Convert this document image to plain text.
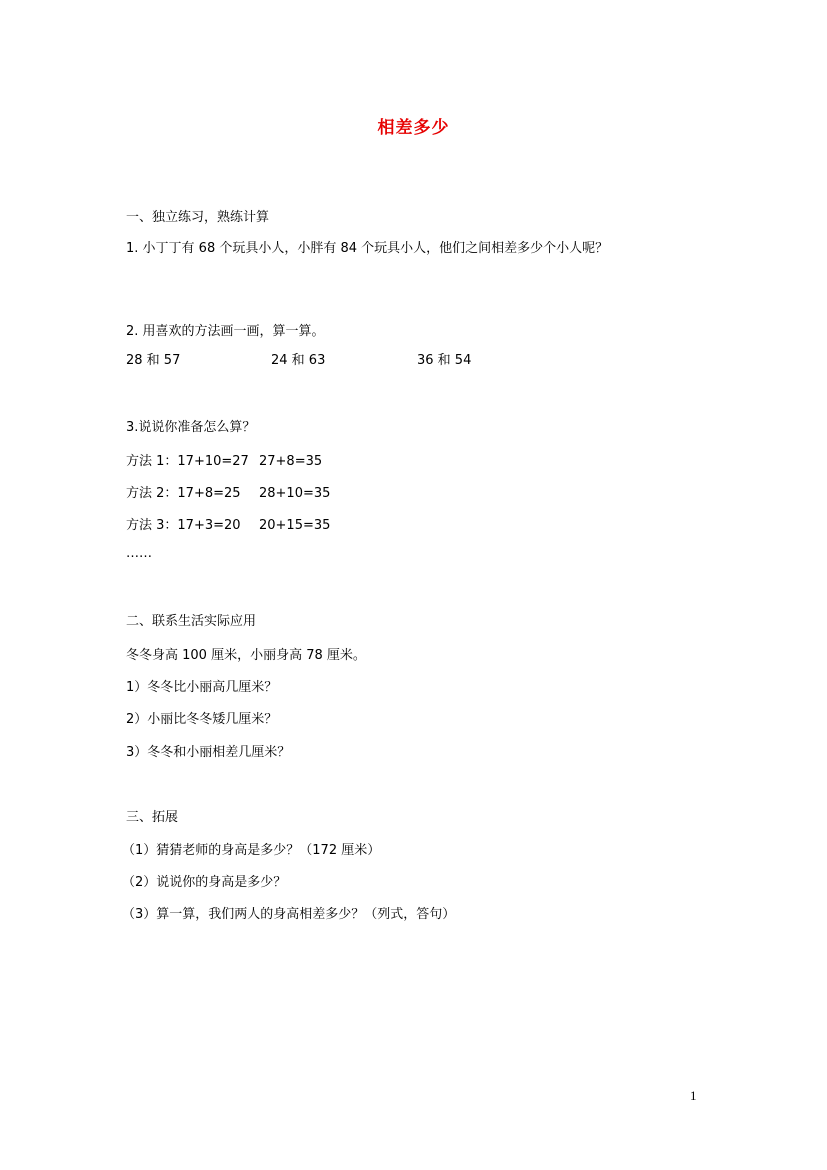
相差多少
一、独立练习，熟练计算
1. 小丁丁有 68 个玩具小人，小胖有 84 个玩具小人，他们之间相差多少个小人呢？
2. 用喜欢的方法画一画，算一算。
28 和 57	24 和 63	36 和 54
3.说说你准备怎么算？
方法 1：17+10=27 27+8=35
方法 2：17+8=25 28+10=35
方法 3：17+3=20 20+15=35
……
二、联系生活实际应用
冬冬身高 100 厘米，小丽身高 78 厘米。
1）冬冬比小丽高几厘米？
2）小丽比冬冬矮几厘米？
3）冬冬和小丽相差几厘米？
三、拓展
（1）猜猜老师的身高是多少？（172 厘米）
（2）说说你的身高是多少？
（3）算一算，我们两人的身高相差多少？（列式，答句）
1
